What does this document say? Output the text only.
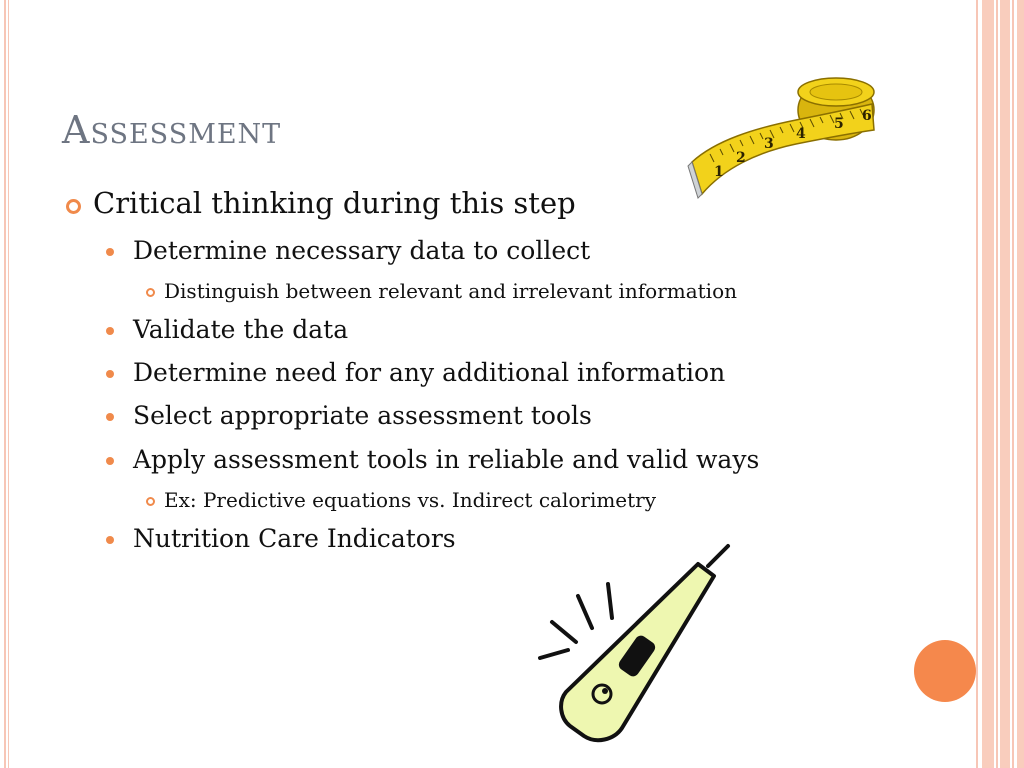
Assessment
Critical thinking during this step
Determine necessary data to collect
Distinguish between relevant and irrelevant information
Validate the data
Determine need for any additional information
Select appropriate assessment tools
Apply assessment tools in reliable and valid ways
Ex: Predictive equations vs. Indirect calorimetry
Nutrition Care Indicators
1
2
3
4
5 6
